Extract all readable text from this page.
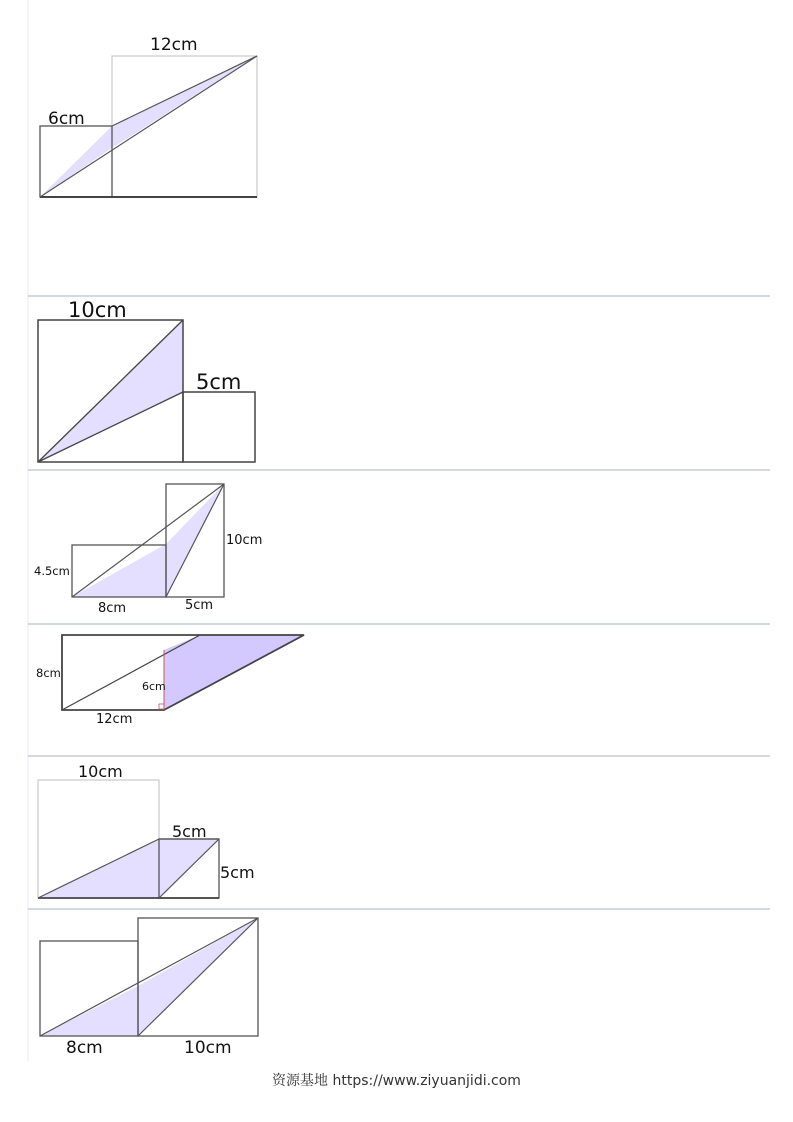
12cm
6cm
10cm
5cm
4.5cm
8cm	5cm
10cm
8cm
6cm
12cm
10cm
5cm
5cm
8cm	10cm
资源基地 https://www.ziyuanjidi.com
